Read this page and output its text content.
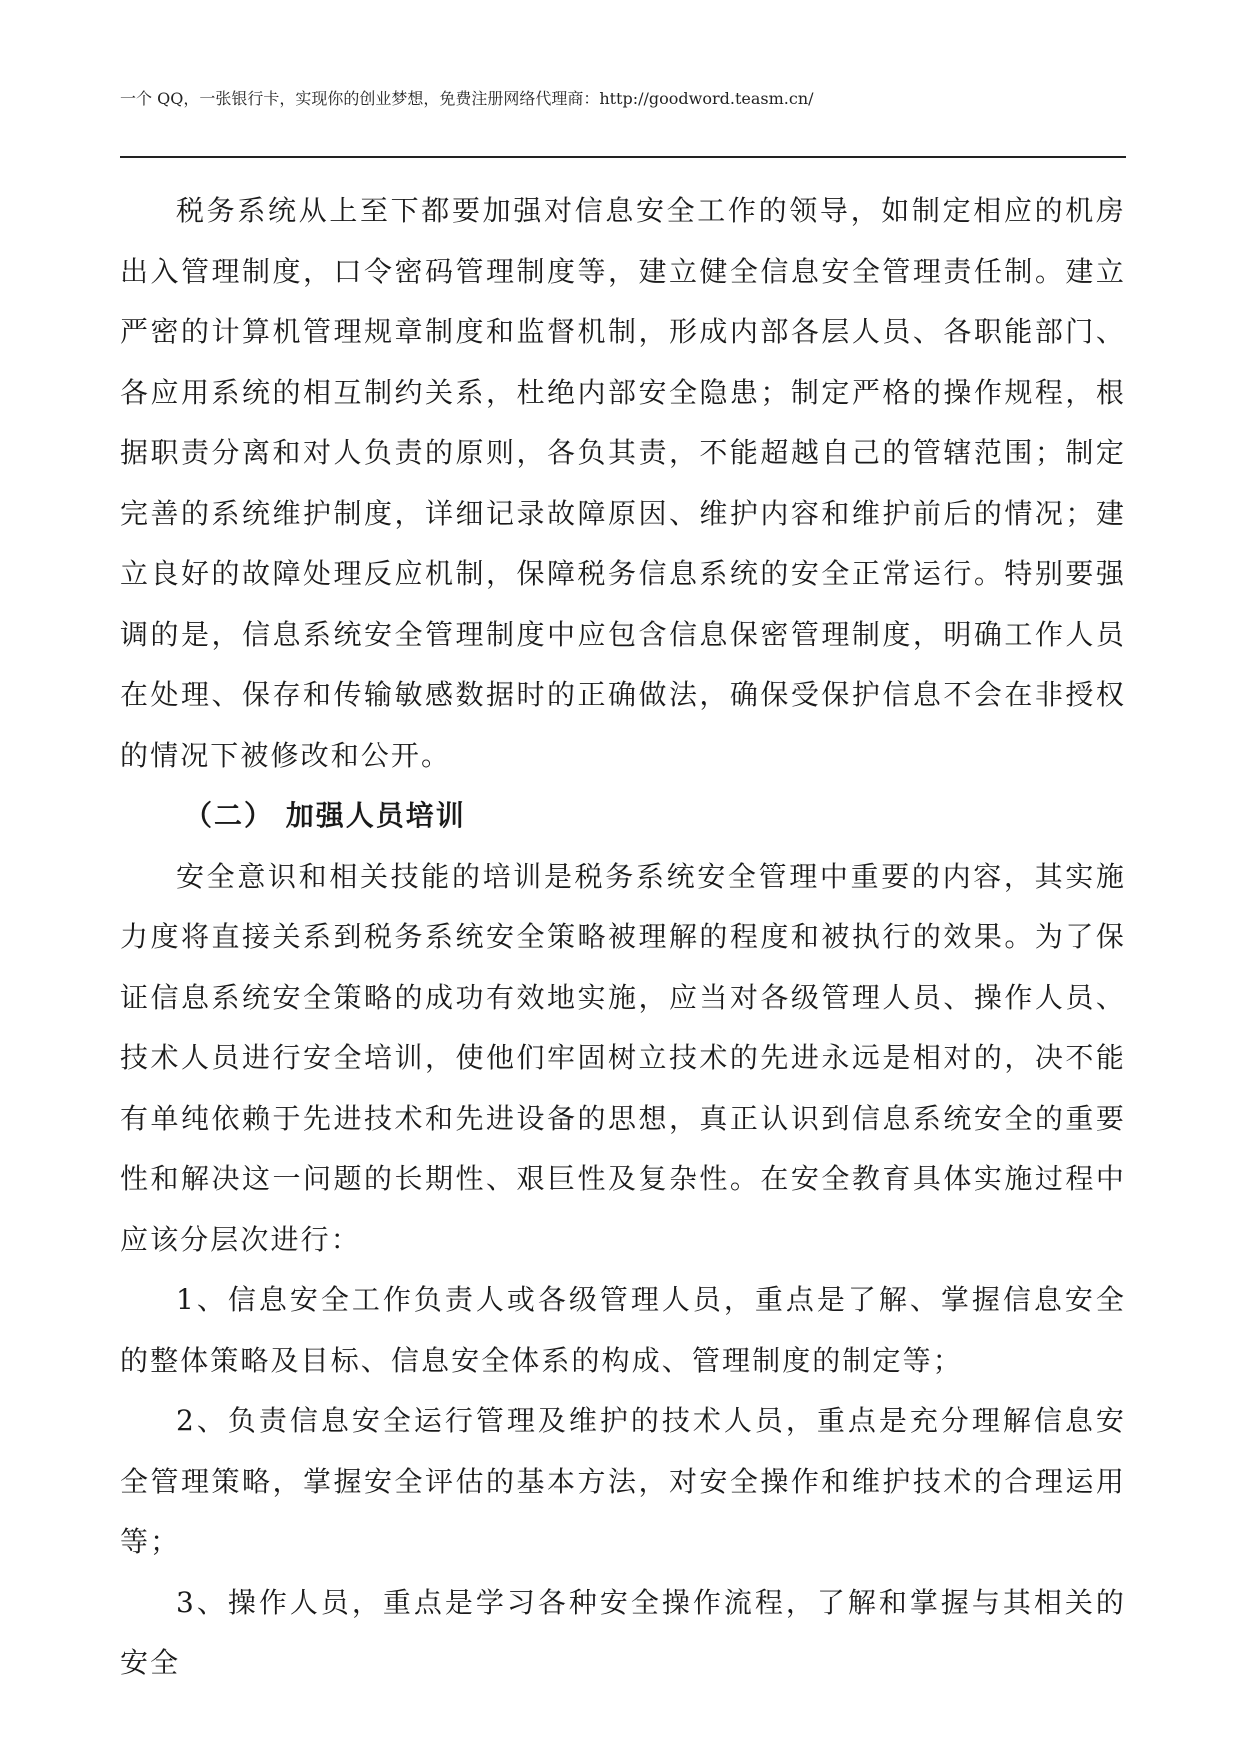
一个 QQ，一张银行卡，实现你的创业梦想，免费注册网络代理商：http://goodword.teasm.cn/

税务系统从上至下都要加强对信息安全工作的领导，如制定相应的机房出入管理制度，口令密码管理制度等，建立健全信息安全管理责任制。建立严密的计算机管理规章制度和监督机制，形成内部各层人员、各职能部门、各应用系统的相互制约关系，杜绝内部安全隐患；制定严格的操作规程，根据职责分离和对人负责的原则，各负其责，不能超越自己的管辖范围；制定完善的系统维护制度，详细记录故障原因、维护内容和维护前后的情况；建立良好的故障处理反应机制，保障税务信息系统的安全正常运行。特别要强调的是，信息系统安全管理制度中应包含信息保密管理制度，明确工作人员在处理、保存和传输敏感数据时的正确做法，确保受保护信息不会在非授权的情况下被修改和公开。

（二） 加强人员培训

安全意识和相关技能的培训是税务系统安全管理中重要的内容，其实施力度将直接关系到税务系统安全策略被理解的程度和被执行的效果。为了保证信息系统安全策略的成功有效地实施，应当对各级管理人员、操作人员、技术人员进行安全培训，使他们牢固树立技术的先进永远是相对的，决不能有单纯依赖于先进技术和先进设备的思想，真正认识到信息系统安全的重要性和解决这一问题的长期性、艰巨性及复杂性。在安全教育具体实施过程中应该分层次进行：

1、信息安全工作负责人或各级管理人员，重点是了解、掌握信息安全的整体策略及目标、信息安全体系的构成、管理制度的制定等；

2、负责信息安全运行管理及维护的技术人员，重点是充分理解信息安全管理策略，掌握安全评估的基本方法，对安全操作和维护技术的合理运用等；

3、操作人员，重点是学习各种安全操作流程，了解和掌握与其相关的安全
